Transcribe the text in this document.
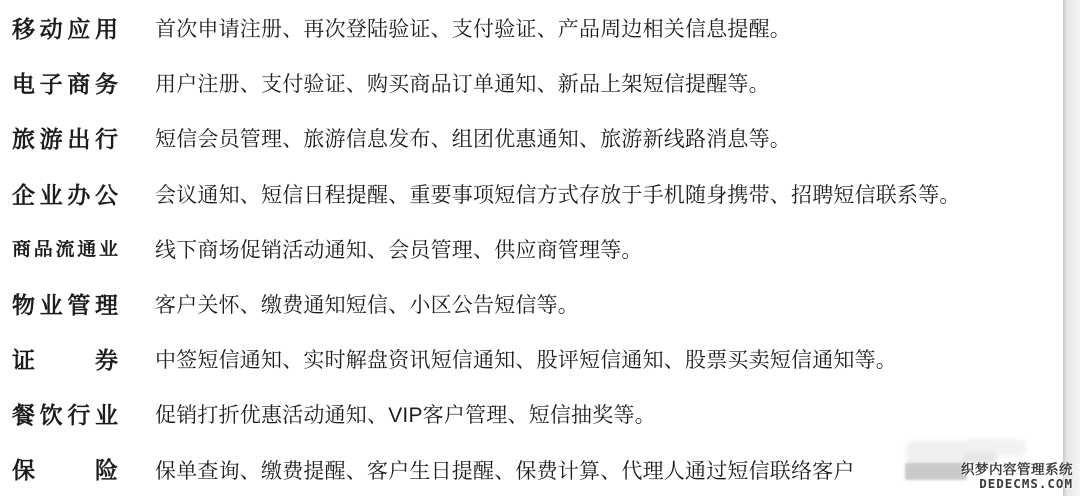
移动应用	首次申请注册、再次登陆验证、支付验证、产品周边相关信息提醒。
电子商务	用户注册、支付验证、购买商品订单通知、新品上架短信提醒等。
旅游出行	短信会员管理、旅游信息发布、组团优惠通知、旅游新线路消息等。
企业办公	会议通知、短信日程提醒、重要事项短信方式存放于手机随身携带、招聘短信联系等。
商品流通业	线下商场促销活动通知、会员管理、供应商管理等。
物业管理	客户关怀、缴费通知短信、小区公告短信等。
证券	中签短信通知、实时解盘资讯短信通知、股评短信通知、股票买卖短信通知等。
餐饮行业	促销打折优惠活动通知、VIP客户管理、短信抽奖等。
保险	保单查询、缴费提醒、客户生日提醒、保费计算、代理人通过短信联络客户	织梦内容管理系统
DEDECMS.COM
